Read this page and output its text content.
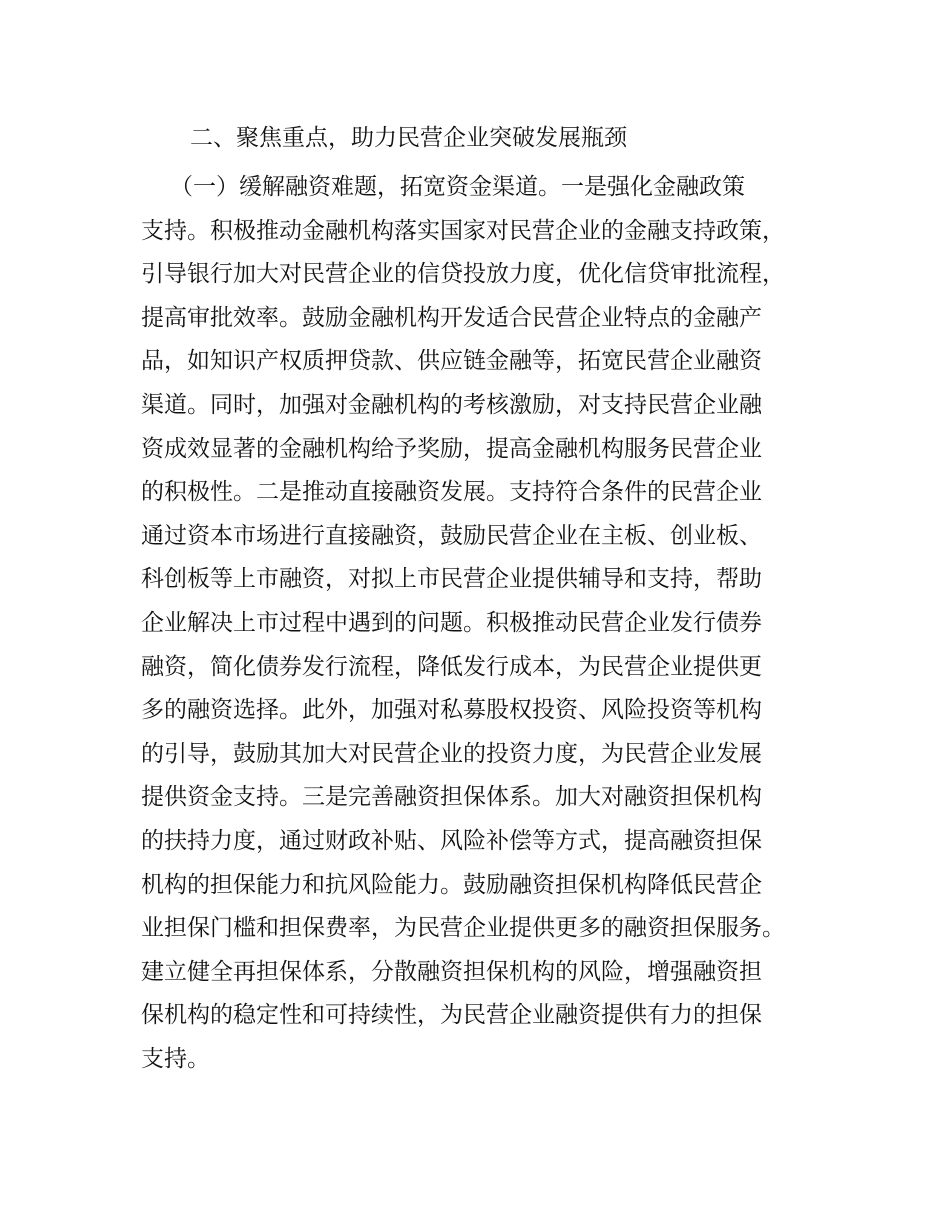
二、聚焦重点，助力民营企业突破发展瓶颈
（一）缓解融资难题，拓宽资金渠道。一是强化金融政策
支持。积极推动金融机构落实国家对民营企业的金融支持政策，
引导银行加大对民营企业的信贷投放力度，优化信贷审批流程，
提高审批效率。鼓励金融机构开发适合民营企业特点的金融产
品，如知识产权质押贷款、供应链金融等，拓宽民营企业融资
渠道。同时，加强对金融机构的考核激励，对支持民营企业融
资成效显著的金融机构给予奖励，提高金融机构服务民营企业
的积极性。二是推动直接融资发展。支持符合条件的民营企业
通过资本市场进行直接融资，鼓励民营企业在主板、创业板、
科创板等上市融资，对拟上市民营企业提供辅导和支持，帮助
企业解决上市过程中遇到的问题。积极推动民营企业发行债券
融资，简化债券发行流程，降低发行成本，为民营企业提供更
多的融资选择。此外，加强对私募股权投资、风险投资等机构
的引导，鼓励其加大对民营企业的投资力度，为民营企业发展
提供资金支持。三是完善融资担保体系。加大对融资担保机构
的扶持力度，通过财政补贴、风险补偿等方式，提高融资担保
机构的担保能力和抗风险能力。鼓励融资担保机构降低民营企
业担保门槛和担保费率，为民营企业提供更多的融资担保服务。
建立健全再担保体系，分散融资担保机构的风险，增强融资担
保机构的稳定性和可持续性，为民营企业融资提供有力的担保
支持。
